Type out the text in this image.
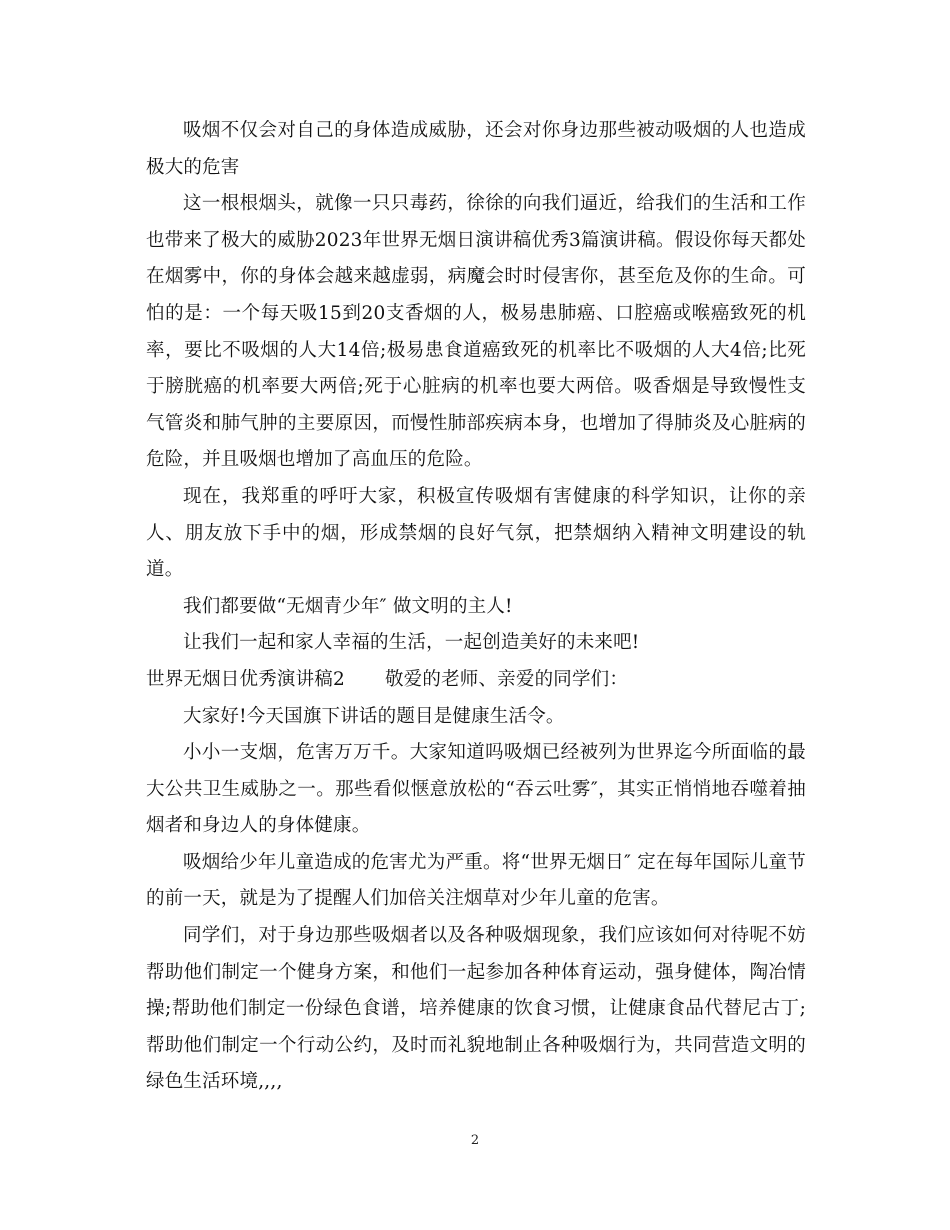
吸烟不仅会对自己的身体造成威胁，还会对你身边那些被动吸烟的人也造成极大的危害

这一根根烟头，就像一只只毒药，徐徐的向我们逼近，给我们的生活和工作也带来了极大的威胁2023年世界无烟日演讲稿优秀3篇演讲稿。假设你每天都处在烟雾中，你的身体会越来越虚弱，病魔会时时侵害你，甚至危及你的生命。可怕的是：一个每天吸15到20支香烟的人，极易患肺癌、口腔癌或喉癌致死的机率，要比不吸烟的人大14倍;极易患食道癌致死的机率比不吸烟的人大4倍;比死于膀胱癌的机率要大两倍;死于心脏病的机率也要大两倍。吸香烟是导致慢性支气管炎和肺气肿的主要原因，而慢性肺部疾病本身，也增加了得肺炎及心脏病的危险，并且吸烟也增加了高血压的危险。

现在，我郑重的呼吁大家，积极宣传吸烟有害健康的科学知识，让你的亲人、朋友放下手中的烟，形成禁烟的良好气氛，把禁烟纳入精神文明建设的轨道。

我们都要做“无烟青少年″ 做文明的主人!

让我们一起和家人幸福的生活，一起创造美好的未来吧!

世界无烟日优秀演讲稿2 敬爱的老师、亲爱的同学们：

大家好!今天国旗下讲话的题目是健康生活令。

小小一支烟，危害万万千。大家知道吗吸烟已经被列为世界迄今所面临的最大公共卫生威胁之一。那些看似惬意放松的“吞云吐雾″，其实正悄悄地吞噬着抽烟者和身边人的身体健康。

吸烟给少年儿童造成的危害尤为严重。将“世界无烟日″ 定在每年国际儿童节的前一天，就是为了提醒人们加倍关注烟草对少年儿童的危害。

同学们，对于身边那些吸烟者以及各种吸烟现象，我们应该如何对待呢不妨帮助他们制定一个健身方案，和他们一起参加各种体育运动，强身健体，陶冶情操;帮助他们制定一份绿色食谱，培养健康的饮食习惯，让健康食品代替尼古丁;帮助他们制定一个行动公约，及时而礼貌地制止各种吸烟行为，共同营造文明的绿色生活环境,,,,

2
